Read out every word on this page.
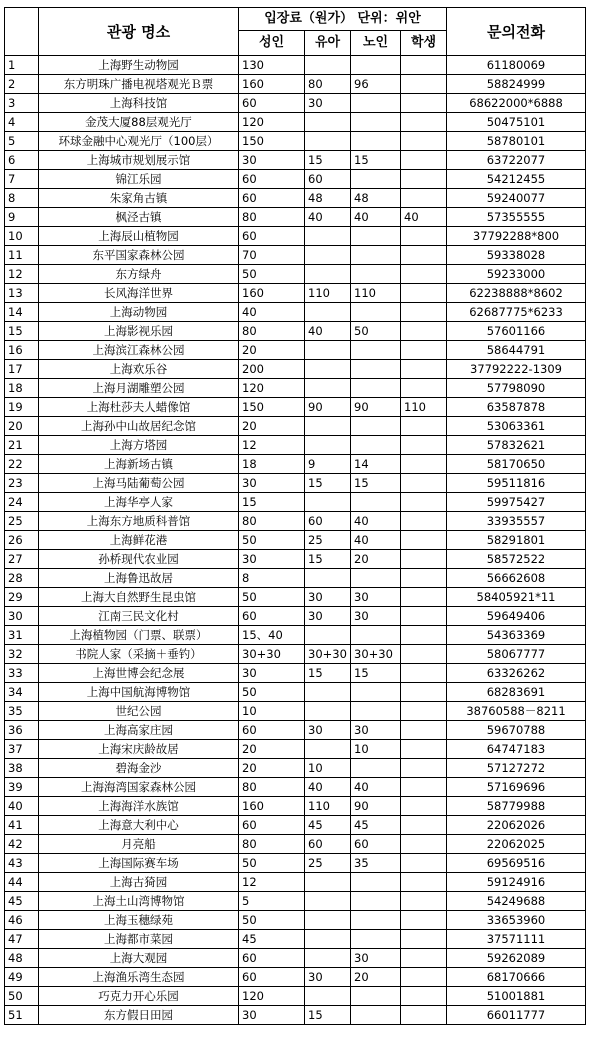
	관광 명소	입장료（원가） 단위：위안				문의전화
		성인	유아	노인	학생	
1	上海野生动物园	130				61180069
2	东方明珠广播电视塔观光Ｂ票	160	80	96		58824999
3	上海科技馆	60	30			68622000*6888
4	金茂大厦88层观光厅	120				50475101
5	环球金融中心观光厅（100层）	150				58780101
6	上海城市规划展示馆	30	15	15		63722077
7	锦江乐园	60	60			54212455
8	朱家角古镇	60	48	48		59240077
9	枫泾古镇	80	40	40	40	57355555
10	上海辰山植物园	60				37792288*800
11	东平国家森林公园	70				59338028
12	东方绿舟	50				59233000
13	长风海洋世界	160	110	110		62238888*8602
14	上海动物园	40				62687775*6233
15	上海影视乐园	80	40	50		57601166
16	上海滨江森林公园	20				58644791
17	上海欢乐谷	200				37792222-1309
18	上海月湖雕塑公园	120				57798090
19	上海杜莎夫人蜡像馆	150	90	90	110	63587878
20	上海孙中山故居纪念馆	20				53063361
21	上海方塔园	12				57832621
22	上海新场古镇	18	9	14		58170650
23	上海马陆葡萄公园	30	15	15		59511816
24	上海华亭人家	15				59975427
25	上海东方地质科普馆	80	60	40		33935557
26	上海鲜花港	50	25	40		58291801
27	孙桥现代农业园	30	15	20		58572522
28	上海鲁迅故居	8				56662608
29	上海大自然野生昆虫馆	50	30	30		58405921*11
30	江南三民文化村	60	30	30		59649406
31	上海植物园（门票、联票）	15、40				54363369
32	书院人家（采摘＋垂钓）	30+30	30+30	30+30		58067777
33	上海世博会纪念展	30	15	15		63326262
34	上海中国航海博物馆	50				68283691
35	世纪公园	10				38760588－8211
36	上海高家庄园	60	30	30		59670788
37	上海宋庆龄故居	20		10		64747183
38	碧海金沙	20	10			57127272
39	上海海湾国家森林公园	80	40	40		57169696
40	上海海洋水族馆	160	110	90		58779988
41	上海意大利中心	60	45	45		22062026
42	月亮船	80	60	60		22062025
43	上海国际赛车场	50	25	35		69569516
44	上海古猗园	12				59124916
45	上海土山湾博物馆	5				54249688
46	上海玉穗绿苑	50				33653960
47	上海都市菜园	45				37571111
48	上海大观园	60		30		59262089
49	上海渔乐湾生态园	60	30	20		68170666
50	巧克力开心乐园	120				51001881
51	东方假日田园	30	15			66011777
